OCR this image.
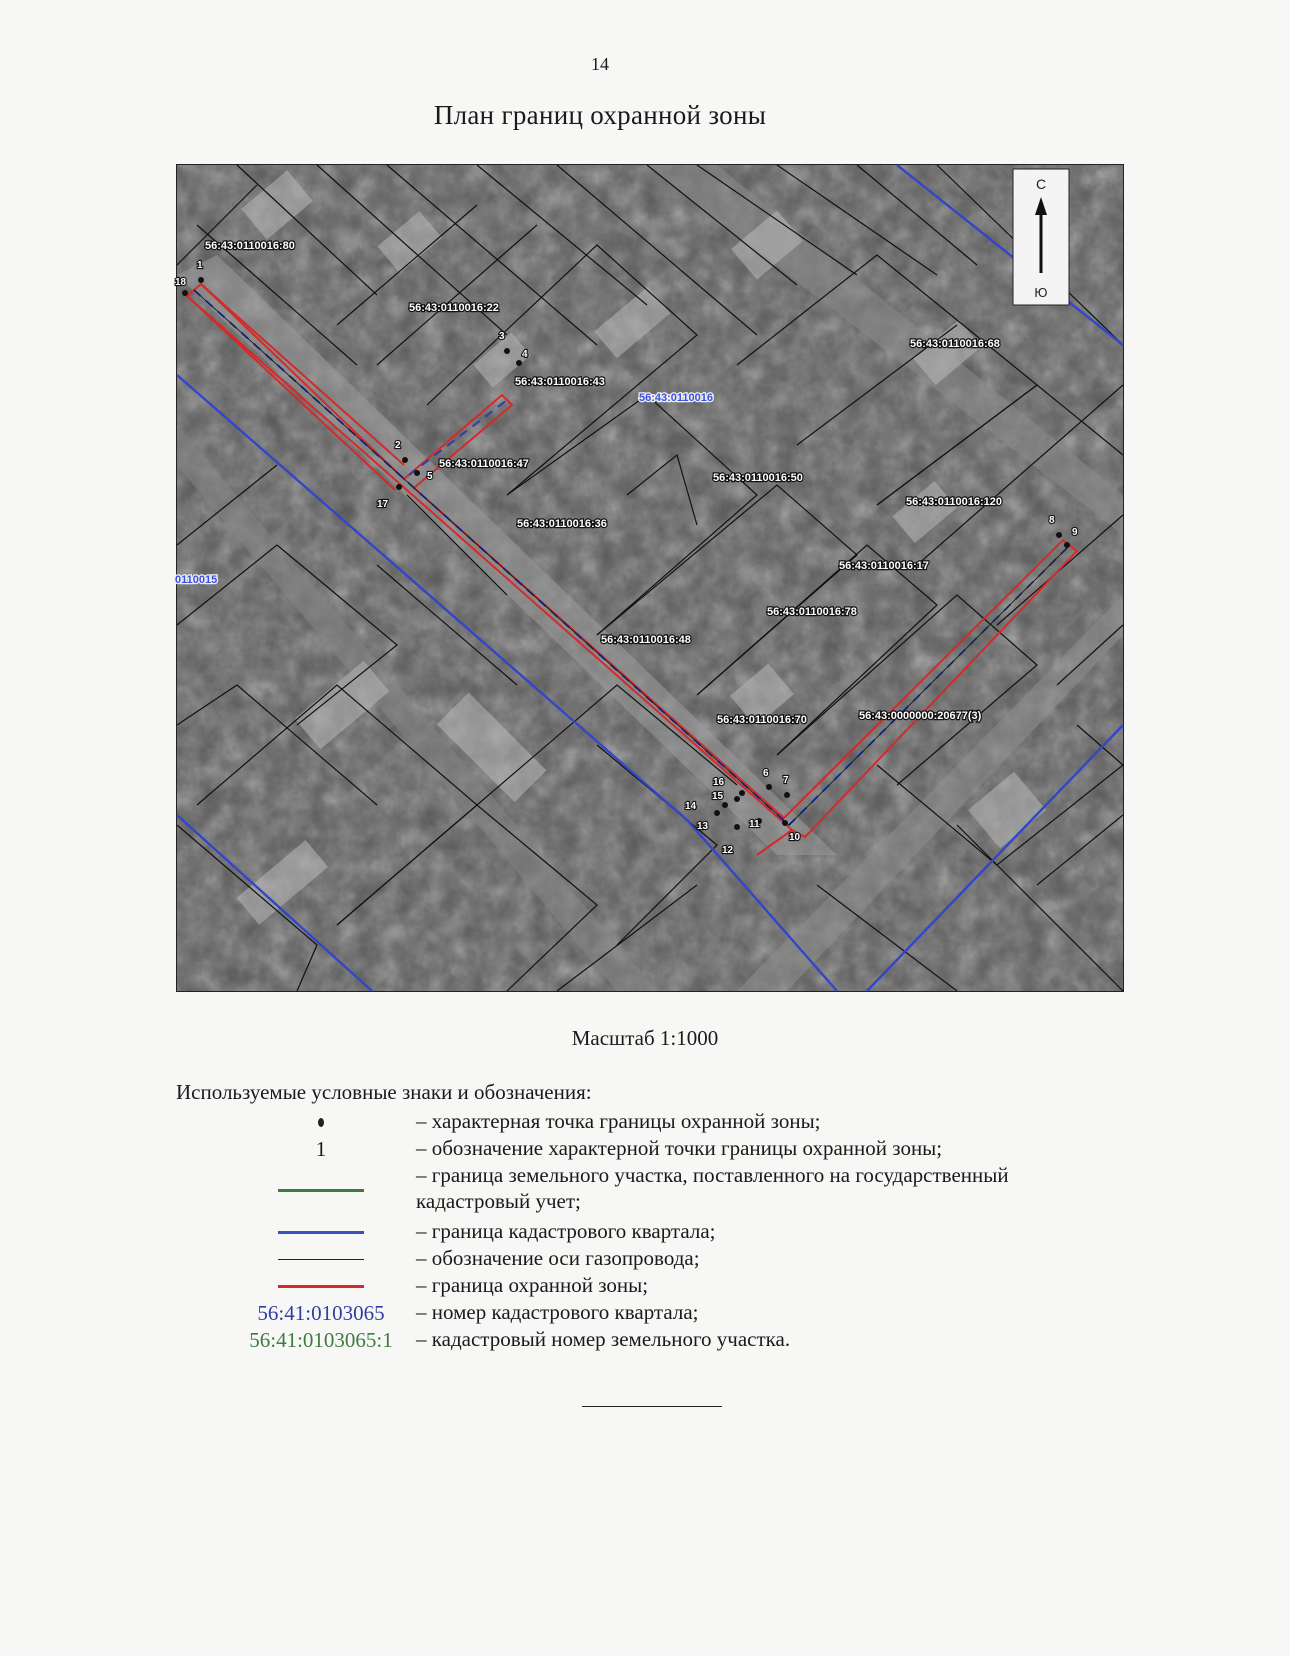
14
План границ охранной зоны
1
2
3
4
5
6
7
8
9
10
11
12
13
14
15
16
17
18
56:43:0110016:80
56:43:0110016:22
56:43:0110016:43
56:43:0110016:47
56:43:0110016:36
56:43:0110016:68
56:43:0110016:50
56:43:0110016:120
56:43:0110016:17
56:43:0110016:78
56:43:0110016:48
56:43:0110016:70	56:43:0000000:20677(3)
56:43:0110016
0110015
С
Ю
Масштаб 1:1000
Используемые условные знаки и обозначения:
– характерная точка границы охранной зоны;
1	– обозначение характерной точки границы охранной зоны;
– граница земельного участка, поставленного на государственный кадастровый учет;
– граница кадастрового квартала;
– обозначение оси газопровода;
– граница охранной зоны;
56:41:0103065 – номер кадастрового квартала;
56:41:0103065:1 – кадастровый номер земельного участка.
